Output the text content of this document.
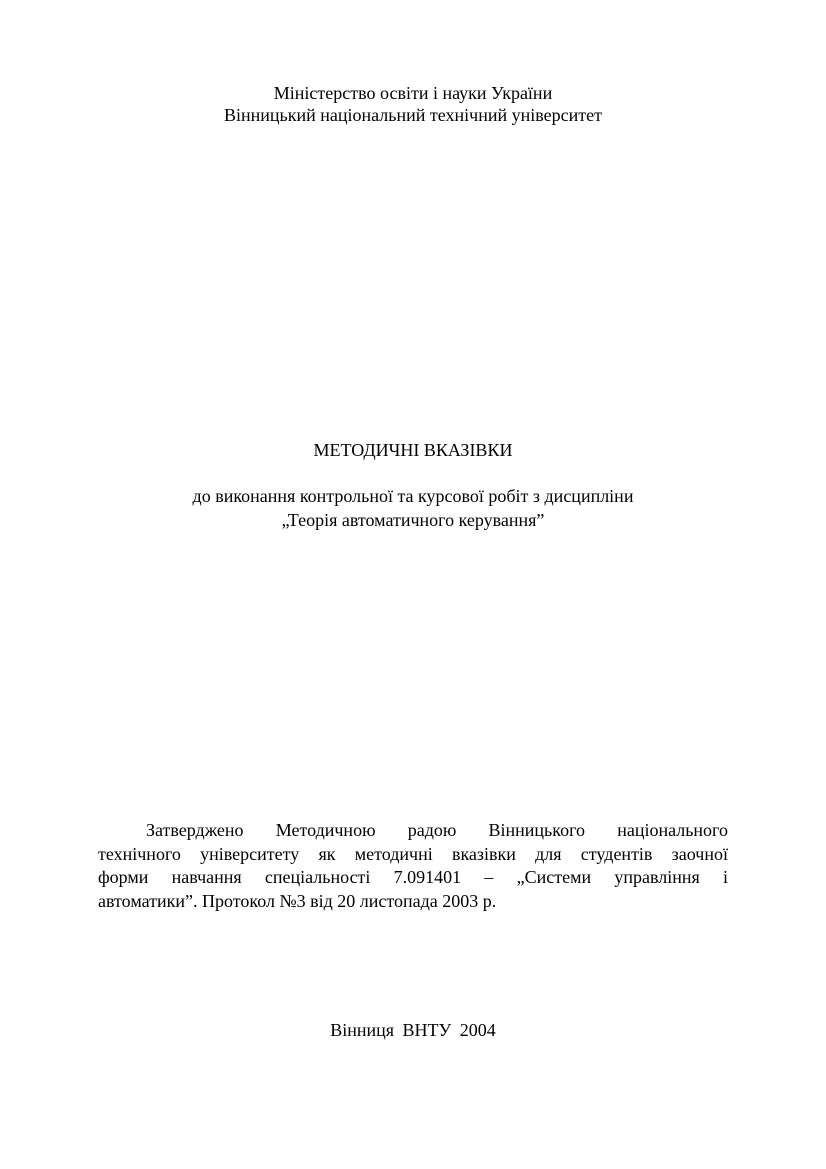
Міністерство освіти і науки України
Вінницький національний технічний університет
МЕТОДИЧНІ ВКАЗІВКИ
до виконання контрольної та курсової робіт з дисципліни
„Теорія автоматичного керування”
Затверджено Методичною радою Вінницького національного
технічного університету як методичні вказівки для студентів заочної
форми навчання спеціальності 7.091401 – „Системи управління і
автоматики”. Протокол №3 від 20 листопада 2003 р.
Вінниця ВНТУ 2004
